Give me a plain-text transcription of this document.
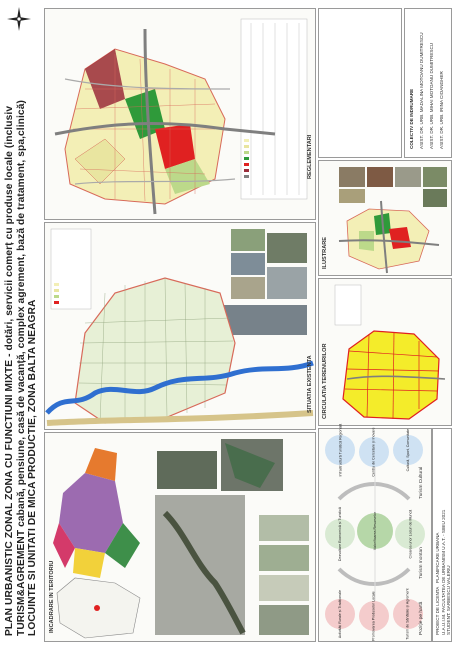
PLAN URBANISTIC ZONAL ZONA CU FUNCTIUNI MIXTE - dotări, servicii comerț cu produse locale (inclusiv TURISM&AGREMENT cabană, pensiune, casă de vacanță, complex agrement, bază de tratament, spa,clinică) LOCUINTE SI UNITATI DE MICA PRODUCTIE, ZONA BALTA NEAGRA
REGLEMENTARI
SITUATIA EXISTENTA
INCADRARE IN TERITORIU
ILUSTRARE
CIRCULATIA TERENURILOR
Infrastructură Turistică Regională	Centru de Cercetare și Inovare	Cultură, Sport, Comunitate
Dezvoltare Economică și Turistică	Valorificarea Resurselor	Crearea unor Locuri de Muncă
Activități Rurale și Tradiționale	Promovarea Produselor Locale	Turism de Sănătate și Agrement
Turism Cultural
Turism montan
Poziție pe hartă PROIECT DE LICENTA   PLANIFICARE URBANA U.A.U.I.M. FACULTATEA DE URBANISM U.A.T. - SIBIU 2021 STUDENT: SARBESCU VALERIU
COLECTIV DE INDRUMARE ASIST. DR. URB. MADALINA MOTOANU DUMITRESCU ASIST. DR. URB. MIHAI MOTOANU DUMITRESCU ASIST. DR. URB. IRINA CIOANGHER
